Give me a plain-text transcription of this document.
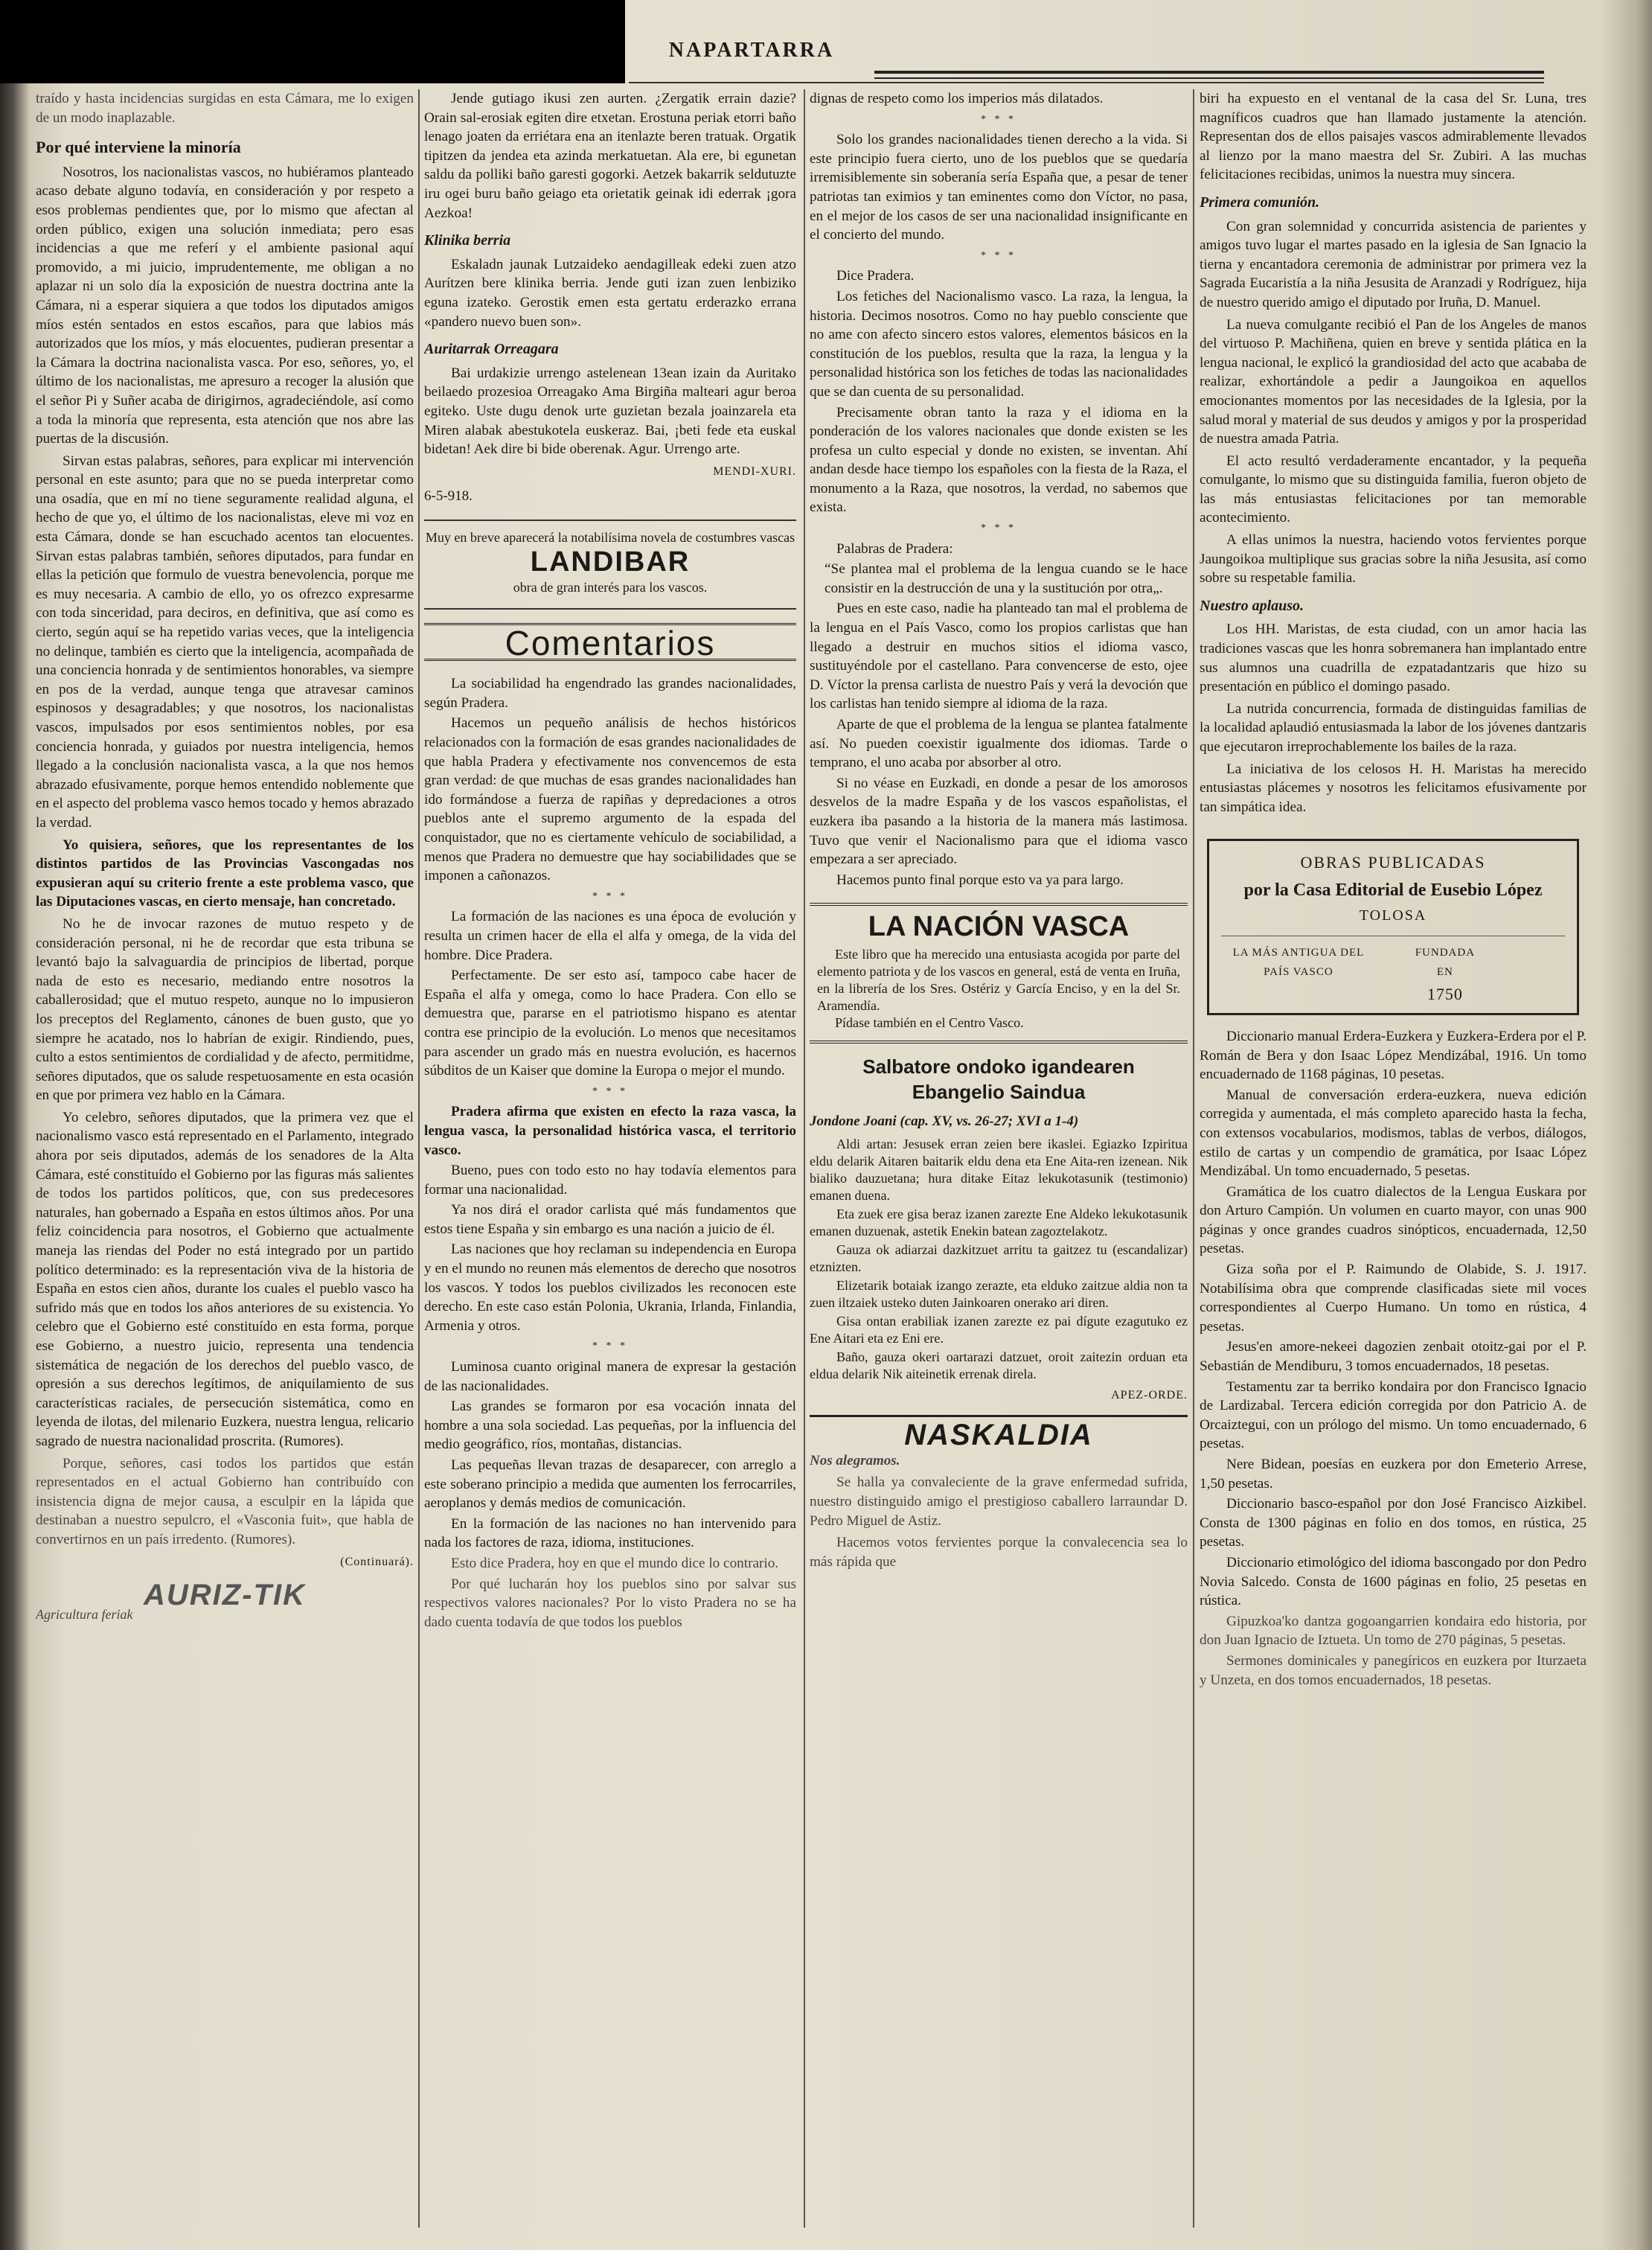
NAPARTARRA

traído y hasta incidencias surgidas en esta Cámara, me lo exigen de un modo inaplazable.

Por qué interviene la minoría

Nosotros, los nacionalistas vascos, no hubiéramos planteado acaso debate alguno todavía, en consideración y por respeto a esos problemas pendientes que, por lo mismo que afectan al orden público, exigen una solución inmediata; pero esas incidencias a que me referí y el ambiente pasional aquí promovido, a mi juicio, imprudentemente, me obligan a no aplazar ni un solo día la exposición de nuestra doctrina ante la Cámara, ni a esperar siquiera a que todos los diputados amigos míos estén sentados en estos escaños, para que labios más autorizados que los míos, y más elocuentes, pudieran presentar a la Cámara la doctrina nacionalista vasca. Por eso, señores, yo, el último de los nacionalistas, me apresuro a recoger la alusión que el señor Pi y Suñer acaba de dirigirnos, agradeciéndole, así como a toda la minoría que representa, esta atención que nos abre las puertas de la discusión.

Sirvan estas palabras, señores, para explicar mi intervención personal en este asunto; para que no se pueda interpretar como una osadía, que en mí no tiene seguramente realidad alguna, el hecho de que yo, el último de los nacionalistas, eleve mi voz en esta Cámara, donde se han escuchado acentos tan elocuentes. Sirvan estas palabras también, señores diputados, para fundar en ellas la petición que formulo de vuestra benevolencia, porque me es muy necesaria. A cambio de ello, yo os ofrezco expresarme con toda sinceridad, para deciros, en definitiva, que así como es cierto, según aquí se ha repetido varias veces, que la inteligencia no delinque, también es cierto que la inteligencia, acompañada de una conciencia honrada y de sentimientos honorables, va siempre en pos de la verdad, aunque tenga que atravesar caminos espinosos y desagradables; y que nosotros, los nacionalistas vascos, impulsados por esos sentimientos nobles, por esa conciencia honrada, y guiados por nuestra inteligencia, hemos llegado a la conclusión nacionalista vasca, a la que nos hemos abrazado efusivamente, porque hemos entendido noblemente que en el aspecto del problema vasco hemos tocado y hemos abrazado la verdad.

Yo quisiera, señores, que los representantes de los distintos partidos de las Provincias Vascongadas nos expusieran aquí su criterio frente a este problema vasco, que las Diputaciones vascas, en cierto mensaje, han concretado.

No he de invocar razones de mutuo respeto y de consideración personal, ni he de recordar que esta tribuna se levantó bajo la salvaguardia de principios de libertad, porque nada de esto es necesario, mediando entre nosotros la caballerosidad; que el mutuo respeto, aunque no lo impusieron los preceptos del Reglamento, cánones de buen gusto, que yo siempre he acatado, nos lo habrían de exigir. Rindiendo, pues, culto a estos sentimientos de cordialidad y de afecto, permitidme, señores diputados, que os salude respetuosamente en esta ocasión en que por primera vez hablo en la Cámara.

Yo celebro, señores diputados, que la primera vez que el nacionalismo vasco está representado en el Parlamento, integrado ahora por seis diputados, además de los senadores de la Alta Cámara, esté constituído el Gobierno por las figuras más salientes de todos los partidos políticos, que, con sus predecesores naturales, han gobernado a España en estos últimos años. Por una feliz coincidencia para nosotros, el Gobierno que actualmente maneja las riendas del Poder no está integrado por un partido político determinado: es la representación viva de la historia de España en estos cien años, durante los cuales el pueblo vasco ha sufrido más que en todos los años anteriores de su existencia. Yo celebro que el Gobierno esté constituído en esta forma, porque ese Gobierno, a nuestro juicio, representa una tendencia sistemática de negación de los derechos del pueblo vasco, de opresión a sus derechos legítimos, de aniquilamiento de sus características raciales, de persecución sistemática, como en leyenda de ilotas, del milenario Euzkera, nuestra lengua, relicario sagrado de nuestra nacionalidad proscrita. (Rumores).

Porque, señores, casi todos los partidos que están representados en el actual Gobierno han contribuído con insistencia digna de mejor causa, a esculpir en la lápida que destinaban a nuestro sepulcro, el «Vasconia fuit», que habla de convertirnos en un país irredento. (Rumores).

(Continuará).
AURIZ-TIK
Agricultura feriak

Jende gutiago ikusi zen aurten. ¿Zergatik errain dazie? Orain sal-erosiak egiten dire etxetan. Erostuna periak etorri baño lenago joaten da erriétara ena an itenlazte beren tratuak. Orgatik tipitzen da jendea eta azinda merkatuetan. Ala ere, bi egunetan saldu da polliki baño garesti gogorki. Aetzek bakarrik seldutuzte iru ogei buru baño geiago eta orietatik geinak idi ederrak ¡gora Aezkoa!

Klinika berria

Eskaladn jaunak Lutzaideko aendagilleak edeki zuen atzo Aurítzen bere klinika berria. Jende guti izan zuen lenbiziko eguna izateko. Gerostik emen esta gertatu erderazko errana «pandero nuevo buen son».

Auritarrak Orreagara

Bai urdakizie urrengo astelenean 13ean izain da Auritako beilaedo prozesioa Orreagako Ama Birgiña malteari agur beroa egiteko. Uste dugu denok urte guzietan bezala joainzarela eta Miren alabak abestukotela euskeraz. Bai, ¡beti fede eta euskal bidetan! Aek dire bi bide oberenak. Agur. Urrengo arte.

MENDI-XURI.
6-5-918.
Muy en breve aparecerá la notabilísima novela de costumbres vascas
LANDIBAR
obra de gran interés para los vascos.
Comentarios

La sociabilidad ha engendrado las grandes nacionalidades, según Pradera.

Hacemos un pequeño análisis de hechos históricos relacionados con la formación de esas grandes nacionalidades de que habla Pradera y efectivamente nos convencemos de esta gran verdad: de que muchas de esas grandes nacionalidades han ido formándose a fuerza de rapiñas y depredaciones a otros pueblos ante el supremo argumento de la espada del conquistador, que no es ciertamente vehículo de sociabilidad, a menos que Pradera no demuestre que hay sociabilidades que se imponen a cañonazos.

* * *

La formación de las naciones es una época de evolución y resulta un crimen hacer de ella el alfa y omega, de la vida del hombre. Dice Pradera.

Perfectamente. De ser esto así, tampoco cabe hacer de España el alfa y omega, como lo hace Pradera. Con ello se demuestra que, pararse en el patriotismo hispano es atentar contra ese principio de la evolución. Lo menos que necesitamos para ascender un grado más en nuestra evolución, es hacernos súbditos de un Kaiser que domine la Europa o mejor el mundo.

* * *

Pradera afirma que existen en efecto la raza vasca, la lengua vasca, la personalidad histórica vasca, el territorio vasco.

Bueno, pues con todo esto no hay todavía elementos para formar una nacionalidad.

Ya nos dirá el orador carlista qué más fundamentos que estos tiene España y sin embargo es una nación a juicio de él.

Las naciones que hoy reclaman su independencia en Europa y en el mundo no reunen más elementos de derecho que nosotros los vascos. Y todos los pueblos civilizados les reconocen este derecho. En este caso están Polonia, Ukrania, Irlanda, Finlandia, Armenia y otros.

* * *

Luminosa cuanto original manera de expresar la gestación de las nacionalidades.

Las grandes se formaron por esa vocación innata del hombre a una sola sociedad. Las pequeñas, por la influencia del medio geográfico, ríos, montañas, distancias.

Las pequeñas llevan trazas de desaparecer, con arreglo a este soberano principio a medida que aumenten los ferrocarriles, aeroplanos y demás medios de comunicación.

En la formación de las naciones no han intervenido para nada los factores de raza, idioma, instituciones.

Esto dice Pradera, hoy en que el mundo dice lo contrario.

Por qué lucharán hoy los pueblos sino por salvar sus respectivos valores nacionales? Por lo visto Pradera no se ha dado cuenta todavía de que todos los pueblos

dignas de respeto como los imperios más dilatados.

* * *

Solo los grandes nacionalidades tienen derecho a la vida. Si este principio fuera cierto, uno de los pueblos que se quedaría irremisiblemente sin soberanía sería España que, a pesar de tener patriotas tan eximios y tan eminentes como don Víctor, no pasa, en el mejor de los casos de ser una nacionalidad insignificante en el concierto del mundo.

* * *

Dice Pradera.

Los fetiches del Nacionalismo vasco. La raza, la lengua, la historia. Decimos nosotros. Como no hay pueblo consciente que no ame con afecto sincero estos valores, elementos básicos en la constitución de los pueblos, resulta que la raza, la lengua y la personalidad histórica son los fetiches de todas las nacionalidades que se dan cuenta de su personalidad.

Precisamente obran tanto la raza y el idioma en la ponderación de los valores nacionales que donde existen se les profesa un culto especial y donde no existen, se inventan. Ahí andan desde hace tiempo los españoles con la fiesta de la Raza, el monumento a la Raza, que nosotros, la verdad, no sabemos que exista.

* * *

Palabras de Pradera:

“Se plantea mal el problema de la lengua cuando se le hace consistir en la destrucción de una y la sustitución por otra„.

Pues en este caso, nadie ha planteado tan mal el problema de la lengua en el País Vasco, como los propios carlistas que han llegado a destruir en muchos sitios el idioma vasco, sustituyéndole por el castellano. Para convencerse de esto, ojee D. Víctor la prensa carlista de nuestro País y verá la devoción que los carlistas han tenido siempre al idioma de la raza.

Aparte de que el problema de la lengua se plantea fatalmente así. No pueden coexistir igualmente dos idiomas. Tarde o temprano, el uno acaba por absorber al otro.

Si no véase en Euzkadi, en donde a pesar de los amorosos desvelos de la madre España y de los vascos españolistas, el euzkera iba pasando a la historia de la manera más lastimosa. Tuvo que venir el Nacionalismo para que el idioma vasco empezara a ser apreciado.

Hacemos punto final porque esto va ya para largo.

LA NACIÓN VASCA
Este libro que ha merecido una entusiasta acogida por parte del elemento patriota y de los vascos en general, está de venta en Iruña, en la librería de los Sres. Ostériz y García Enciso, y en la del Sr. Aramendía.
Pídase también en el Centro Vasco.
Salbatore ondoko igandearen
Ebangelio Saindua
Jondone Joani (cap. XV, vs. 26-27; XVI a 1-4)

Aldi artan: Jesusek erran zeien bere ikaslei. Egiazko Izpiritua eldu delarik Aitaren baitarik eldu dena eta Ene Aita-ren izenean. Nik bialiko dauzuetana; hura ditake Eitaz lekukotasunik (testimonio) emanen duena.

Eta zuek ere gisa beraz izanen zarezte Ene Aldeko lekukotasunik emanen duzuenak, astetik Enekin batean zagoztelakotz.

Gauza ok adiarzai dazkitzuet arritu ta gaitzez tu (escandalizar) etznizten.

Elizetarik botaiak izango zerazte, eta elduko zaitzue aldia non ta zuen iltzaiek usteko duten Jainkoaren onerako ari diren.

Gisa ontan erabiliak izanen zarezte ez pai dígute ezagutuko ez Ene Aitari eta ez Eni ere.

Baño, gauza okeri oartarazi datzuet, oroit zaitezin orduan eta eldua delarik Nik aiteinetik errenak direla.

APEZ-ORDE.
NASKALDIA
Nos alegramos.

Se halla ya convaleciente de la grave enfermedad sufrida, nuestro distinguido amigo el prestigioso caballero larraundar D. Pedro Miguel de Astiz.

Hacemos votos fervientes porque la convalecencia sea lo más rápida que

biri ha expuesto en el ventanal de la casa del Sr. Luna, tres magníficos cuadros que han llamado justamente la atención. Representan dos de ellos paisajes vascos admirablemente llevados al lienzo por la mano maestra del Sr. Zubiri. A las muchas felicitaciones recibidas, unimos la nuestra muy sincera.

Primera comunión.

Con gran solemnidad y concurrida asistencia de parientes y amigos tuvo lugar el martes pasado en la iglesia de San Ignacio la tierna y encantadora ceremonia de administrar por primera vez la Sagrada Eucaristía a la niña Jesusita de Aranzadi y Rodríguez, hija de nuestro querido amigo el diputado por Iruña, D. Manuel.

La nueva comulgante recibió el Pan de los Angeles de manos del virtuoso P. Machiñena, quien en breve y sentida plática en la lengua nacional, le explicó la grandiosidad del acto que acababa de realizar, exhortándole a pedir a Jaungoikoa en aquellos emocionantes momentos por las necesidades de la Iglesia, por la salud moral y material de sus deudos y amigos y por la prosperidad de nuestra amada Patria.

El acto resultó verdaderamente encantador, y la pequeña comulgante, lo mismo que su distinguida familia, fueron objeto de las más entusiastas felicitaciones por tan memorable acontecimiento.

A ellas unimos la nuestra, haciendo votos fervientes porque Jaungoikoa multiplique sus gracias sobre la niña Jesusita, así como sobre su respetable familia.

Nuestro aplauso.

Los HH. Maristas, de esta ciudad, con un amor hacia las tradiciones vascas que les honra sobremanera han implantado entre sus alumnos una cuadrilla de ezpatadantzaris que hizo su presentación en público el domingo pasado.

La nutrida concurrencia, formada de distinguidas familias de la localidad aplaudió entusiasmada la labor de los jóvenes dantzaris que ejecutaron irreprochablemente los bailes de la raza.

La iniciativa de los celosos H. H. Maristas ha merecido entusiastas plácemes y nosotros les felicitamos efusivamente por tan simpática idea.

OBRAS PUBLICADAS
por la Casa Editorial de Eusebio López
TOLOSA
LA MÁS ANTIGUA DEL PAÍS VASCO
FUNDADA EN
1750

Diccionario manual Erdera-Euzkera y Euzkera-Erdera por el P. Román de Bera y don Isaac López Mendizábal, 1916. Un tomo encuadernado de 1168 páginas, 10 pesetas.

Manual de conversación erdera-euzkera, nueva edición corregida y aumentada, el más completo aparecido hasta la fecha, con extensos vocabularios, modismos, tablas de verbos, diálogos, estilo de cartas y un compendio de gramática, por Isaac López Mendizábal. Un tomo encuadernado, 5 pesetas.

Gramática de los cuatro dialectos de la Lengua Euskara por don Arturo Campión. Un volumen en cuarto mayor, con unas 900 páginas y once grandes cuadros sinópticos, encuadernada, 12,50 pesetas.

Giza soña por el P. Raimundo de Olabide, S. J. 1917. Notabilísima obra que comprende clasificadas siete mil voces correspondientes al Cuerpo Humano. Un tomo en rústica, 4 pesetas.

Jesus'en amore-nekeei dagozien zenbait otoitz-gai por el P. Sebastián de Mendiburu, 3 tomos encuadernados, 18 pesetas.

Testamentu zar ta berriko kondaira por don Francisco Ignacio de Lardizabal. Tercera edición corregida por don Patricio A. de Orcaiztegui, con un prólogo del mismo. Un tomo encuadernado, 6 pesetas.

Nere Bidean, poesías en euzkera por don Emeterio Arrese, 1,50 pesetas.

Diccionario basco-español por don José Francisco Aizkibel. Consta de 1300 páginas en folio en dos tomos, en rústica, 25 pesetas.

Diccionario etimológico del idioma bascongado por don Pedro Novia Salcedo. Consta de 1600 páginas en folio, 25 pesetas en rústica.

Gipuzkoa'ko dantza gogoangarrien kondaira edo historia, por don Juan Ignacio de Iztueta. Un tomo de 270 páginas, 5 pesetas.

Sermones dominicales y panegíricos en euzkera por Iturzaeta y Unzeta, en dos tomos encuadernados, 18 pesetas.
